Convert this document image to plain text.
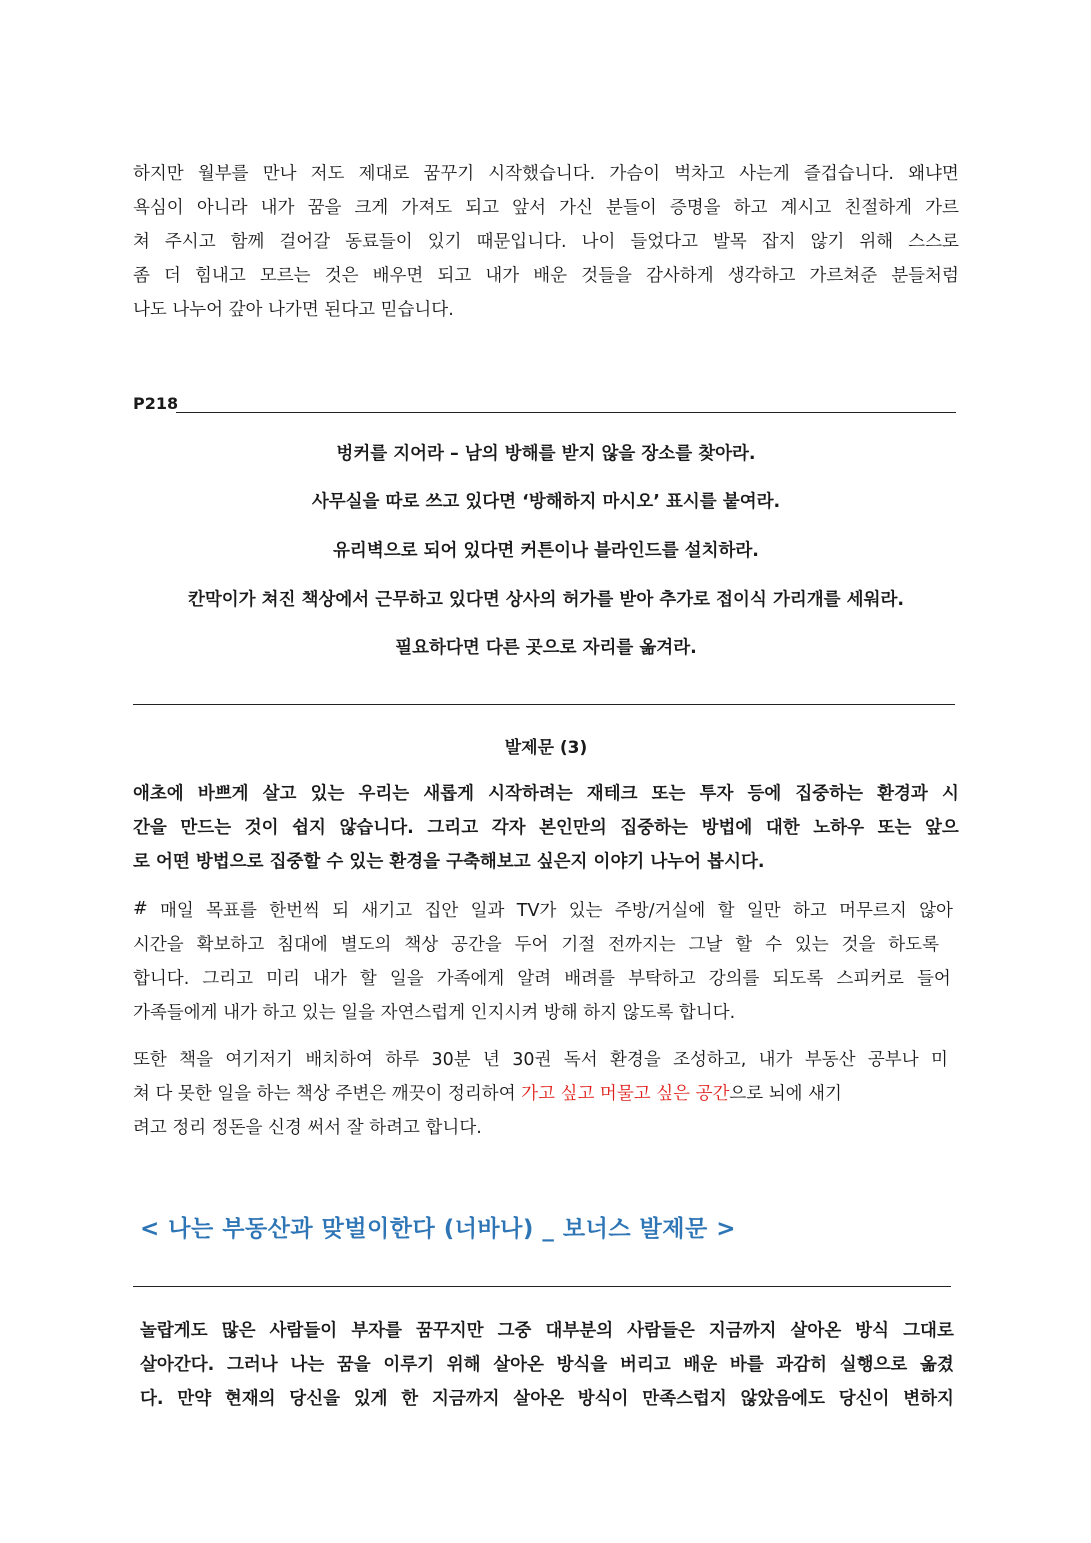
하지만 월부를 만나 저도 제대로 꿈꾸기 시작했습니다. 가슴이 벅차고 사는게 즐겁습니다. 왜냐면
욕심이 아니라 내가 꿈을 크게 가져도 되고 앞서 가신 분들이 증명을 하고 계시고 친절하게 가르
쳐 주시고 함께 걸어갈 동료들이 있기 때문입니다. 나이 들었다고 발목 잡지 않기 위해 스스로
좀 더 힘내고 모르는 것은 배우면 되고 내가 배운 것들을 감사하게 생각하고 가르쳐준 분들처럼
나도 나누어 갚아 나가면 된다고 믿습니다.
P218
벙커를 지어라 – 남의 방해를 받지 않을 장소를 찾아라.
사무실을 따로 쓰고 있다면 ‘방해하지 마시오’ 표시를 붙여라.
유리벽으로 되어 있다면 커튼이나 블라인드를 설치하라.
칸막이가 쳐진 책상에서 근무하고 있다면 상사의 허가를 받아 추가로 접이식 가리개를 세워라.
필요하다면 다른 곳으로 자리를 옮겨라.
발제문 (3)
애초에 바쁘게 살고 있는 우리는 새롭게 시작하려는 재테크 또는 투자 등에 집중하는 환경과 시
간을 만드는 것이 쉽지 않습니다. 그리고 각자 본인만의 집중하는 방법에 대한 노하우 또는 앞으
로 어떤 방법으로 집중할 수 있는 환경을 구축해보고 싶은지 이야기 나누어 봅시다.
# 매일 목표를 한번씩 되 새기고 집안 일과 TV가 있는 주방/거실에 할 일만 하고 머무르지 않아
시간을 확보하고 침대에 별도의 책상 공간을 두어 기절 전까지는 그날 할 수 있는 것을 하도록
합니다. 그리고 미리 내가 할 일을 가족에게 알려 배려를 부탁하고 강의를 되도록 스피커로 들어
가족들에게 내가 하고 있는 일을 자연스럽게 인지시켜 방해 하지 않도록 합니다.
또한 책을 여기저기 배치하여 하루 30분 년 30권 독서 환경을 조성하고, 내가 부동산 공부나 미
쳐 다 못한 일을 하는 책상 주변은 깨끗이 정리하여 가고 싶고 머물고 싶은 공간 으로 뇌에 새기
려고 정리 정돈을 신경 써서 잘 하려고 합니다.
< 나는 부동산과 맞벌이한다 (너바나) _ 보너스 발제문 >
놀랍게도 많은 사람들이 부자를 꿈꾸지만 그중 대부분의 사람들은 지금까지 살아온 방식 그대로
살아간다. 그러나 나는 꿈을 이루기 위해 살아온 방식을 버리고 배운 바를 과감히 실행으로 옮겼
다. 만약 현재의 당신을 있게 한 지금까지 살아온 방식이 만족스럽지 않았음에도 당신이 변하지
